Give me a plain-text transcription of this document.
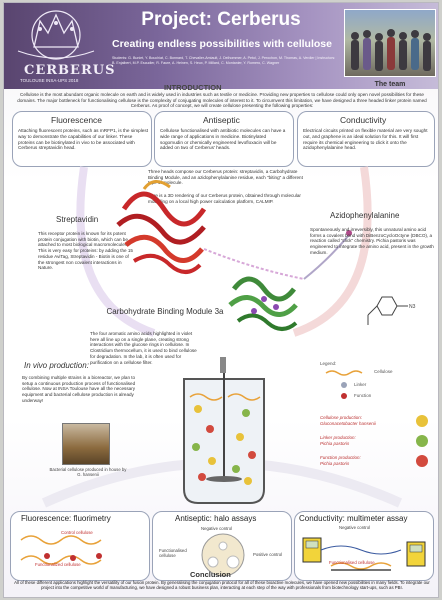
CERBERUS
TOULOUSE INSA-UPS 2018
Project: Cerberus
Creating endless possibilities with cellulose
Students: G. Buniet, Y. Bouchiat, C. Bonnard, T. Chevalier-Amiault, J. Delhommer, A. Petol, J. Perochon, M. Thomas, A. Verdier | Instructors: B. Enjalbert, M.P. Escudier, R. Faure, A. Heinen, S. Heux, P. Millard, C. Montanier, Y. Romero, C. Wagner
The team
INTRODUCTION
Cellulose is the most abundant organic molecule on earth and is widely used in industries such as textile or medicine. Providing new properties to cellulose could only open novel possibilities for these domains. The major bottleneck for functionalising cellulose is the complexity of conjugating molecules of interest to it. To circumvent this limitation, we have designed a three headed linker protein named Cerberus. As proof of concept, we will create cellulose presenting the following properties:
Fluorescence
Attaching fluorescent proteins, such as mRFP1, is the simplest way to demonstrate the capabilities of our linker. These proteins can be biotinylated in vivo to be associated with Cerberus streptavidin head.
Antiseptic
Cellulose functionalised with antibiotic molecules can have a wide range of applications in medicine. Biotinylated sogomudin or chemically engineered levofloxacin will be added on two of Cerberus' heads.
Conductivity
Electrical circuits printed on flexible material are very sought out, and graphene is an ideal solution for this. It will first require its chemical engineering to click it onto the azidophenylalanine head.
Three heads compose our Cerberus protein: streptavidin, a Carbohydrate Binding Module, and an azidophenylalanine residue, each "biting" a different type of molecule.
Here is a 3D rendering of our Cerberus protein, obtained through molecular modelling on a local high power calculation platform, CALMIP.
Streptavidin
This receptor protein is known for its potent protein conjugation with biotin, which can be attached to most biological macromolecules. This is very easy for proteins: by adding the 15 residue AviTag, Streptavidin - Biotin is one of the strongest non covalent interactions in Nature.
Azidophenylalanine
Spontaneously and irreversibly, this unnatural amino acid forms a covalent bond with DiBenzoCycloOctyne (DBCO), a reaction called "click" chemistry. Pichia pastoris was engineered to integrate the amino acid, present in the growth medium.
N3
Carbohydrate Binding Module 3a
The four aromatic amino acids highlighted in violet here all line up on a single plane, creating strong interactions with the glucose rings in cellulose. In Clostridium thermocellum, it is used to bind cellulose for degradation. In the lab, it is often used for purification on a cellulose filter.
In vivo production:
By combining multiple strains in a bioreactor, we plan to setup a continuous production process of functionalised cellulose. Now at INSA Toulouse have all the necessary equipment and bacterial cellulose production is already underway!
Bacterial cellulose produced in house by G. hansenii
Legend:
Cellulose
Linker
Function
Cellulose production:
Gluconacetobacter hansenii
Linker production:
Pichia pastoris
Function production:
Pichia pastoris
Fluorescence: fluorimetry
Control cellulose
Functionalized cellulose
Antiseptic: halo assays
Negative control
Functionalised cellulose	Positive control
Conductivity: multimeter assay
Negative control
Functionalised cellulose
Conclusion
All of these different applications highlight the versatility of our fusion protein. By generalising the conjugation protocol for all of these bioactive molecules, we have opened new possibilities in many fields. To integrate our project into the competitive world of manufacturing, we have designed a robust business plan, interacting at each step of the way with professionals from biotechnology start-ups, such as PBI.
